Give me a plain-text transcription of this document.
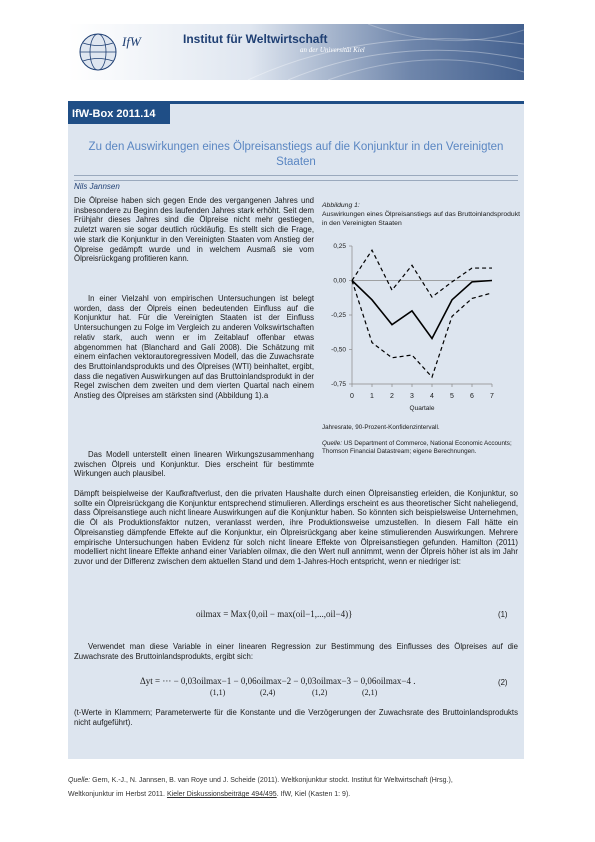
IfW	Institut für Weltwirtschaft
an der Universität Kiel
IfW-Box 2011.14
Zu den Auswirkungen eines Ölpreisanstiegs auf die Konjunktur in den Vereinigten Staaten
Nils Jannsen

Die Ölpreise haben sich gegen Ende des vergangenen Jahres und insbesondere zu Beginn des laufenden Jahres stark erhöht. Seit dem Frühjahr dieses Jahres sind die Ölpreise nicht mehr gestiegen, zuletzt waren sie sogar deutlich rückläufig. Es stellt sich die Frage, wie stark die Konjunktur in den Vereinigten Staaten vom Anstieg der Ölpreise gedämpft wurde und in welchem Ausmaß sie vom Ölpreisrückgang profitieren kann.

In einer Vielzahl von empirischen Untersuchungen ist belegt worden, dass der Ölpreis einen bedeutenden Einfluss auf die Konjunktur hat. Für die Vereinigten Staaten ist der Einfluss Untersuchungen zu Folge im Vergleich zu anderen Volkswirtschaften relativ stark, auch wenn er im Zeitablauf offenbar etwas abgenommen hat (Blanchard and Galí 2008). Die Schätzung mit einem einfachen vektorautoregressiven Modell, das die Zuwachsrate des Bruttoinlandsprodukts und des Ölpreises (WTI) beinhaltet, ergibt, dass die negativen Auswirkungen auf das Bruttoinlandsprodukt in der Regel zwischen dem zweiten und dem vierten Quartal nach einem Anstieg des Ölpreises am stärksten sind (Abbildung 1).a

Das Modell unterstellt einen linearen Wirkungszusammenhang zwischen Ölpreis und Konjunktur. Dies erscheint für bestimmte Wirkungen auch plausibel.

Abbildung 1:
Auswirkungen eines Ölpreisanstiegs auf das Bruttoinlandsprodukt in den Vereinigten Staaten
0,25
0,00
-0,25
-0,50
-0,75
0 1 2 3 4 5 6 7
Quartale
Jahresrate, 90-Prozent-Konfidenzintervall.
Quelle: US Department of Commerce, National Economic Accounts; Thomson Financial Datastream; eigene Berechnungen.

Dämpft beispielweise der Kaufkraftverlust, den die privaten Haushalte durch einen Ölpreisanstieg erleiden, die Konjunktur, so sollte ein Ölpreisrückgang die Konjunktur entsprechend stimulieren. Allerdings erscheint es aus theoretischer Sicht naheliegend, dass Ölpreisanstiege auch nicht lineare Auswirkungen auf die Konjunktur haben. So könnten sich beispielsweise Unternehmen, die Öl als Produktionsfaktor nutzen, veranlasst werden, ihre Produktionsweise umzustellen. In diesem Fall hätte ein Ölpreisanstieg dämpfende Effekte auf die Konjunktur, ein Ölpreisrückgang aber keine stimulierenden Auswirkungen. Mehrere empirische Untersuchungen haben Evidenz für solch nicht lineare Effekte von Ölpreisanstiegen gefunden. Hamilton (2011) modelliert nicht lineare Effekte anhand einer Variablen oilmax, die den Wert null annimmt, wenn der Ölpreis höher ist als im Jahr zuvor und der Differenz zwischen dem aktuellen Stand und dem 1-Jahres-Hoch entspricht, wenn er niedriger ist:

oilmax = Max{0,oil − max(oil−1,...,oil−4)}	(1)

Verwendet man diese Variable in einer linearen Regression zur Bestimmung des Einflusses des Ölpreises auf die Zuwachsrate des Bruttoinlandsprodukts, ergibt sich:

Δyt = ··· − 0,03oilmax−1 − 0,06oilmax−2 − 0,03oilmax−3 − 0,06oilmax−4 .
(1,1)	(2,4)	(1,2)	(2,1)
(2)

(t-Werte in Klammern; Parameterwerte für die Konstante und die Verzögerungen der Zuwachsrate des Bruttoinlandsprodukts nicht aufgeführt).

Quelle: Gern, K.-J., N. Jannsen, B. van Roye und J. Scheide (2011). Weltkonjunktur stockt. Institut für Weltwirtschaft (Hrsg.),
Weltkonjunktur im Herbst 2011. Kieler Diskussionsbeiträge 494/495. IfW, Kiel (Kasten 1: 9).
